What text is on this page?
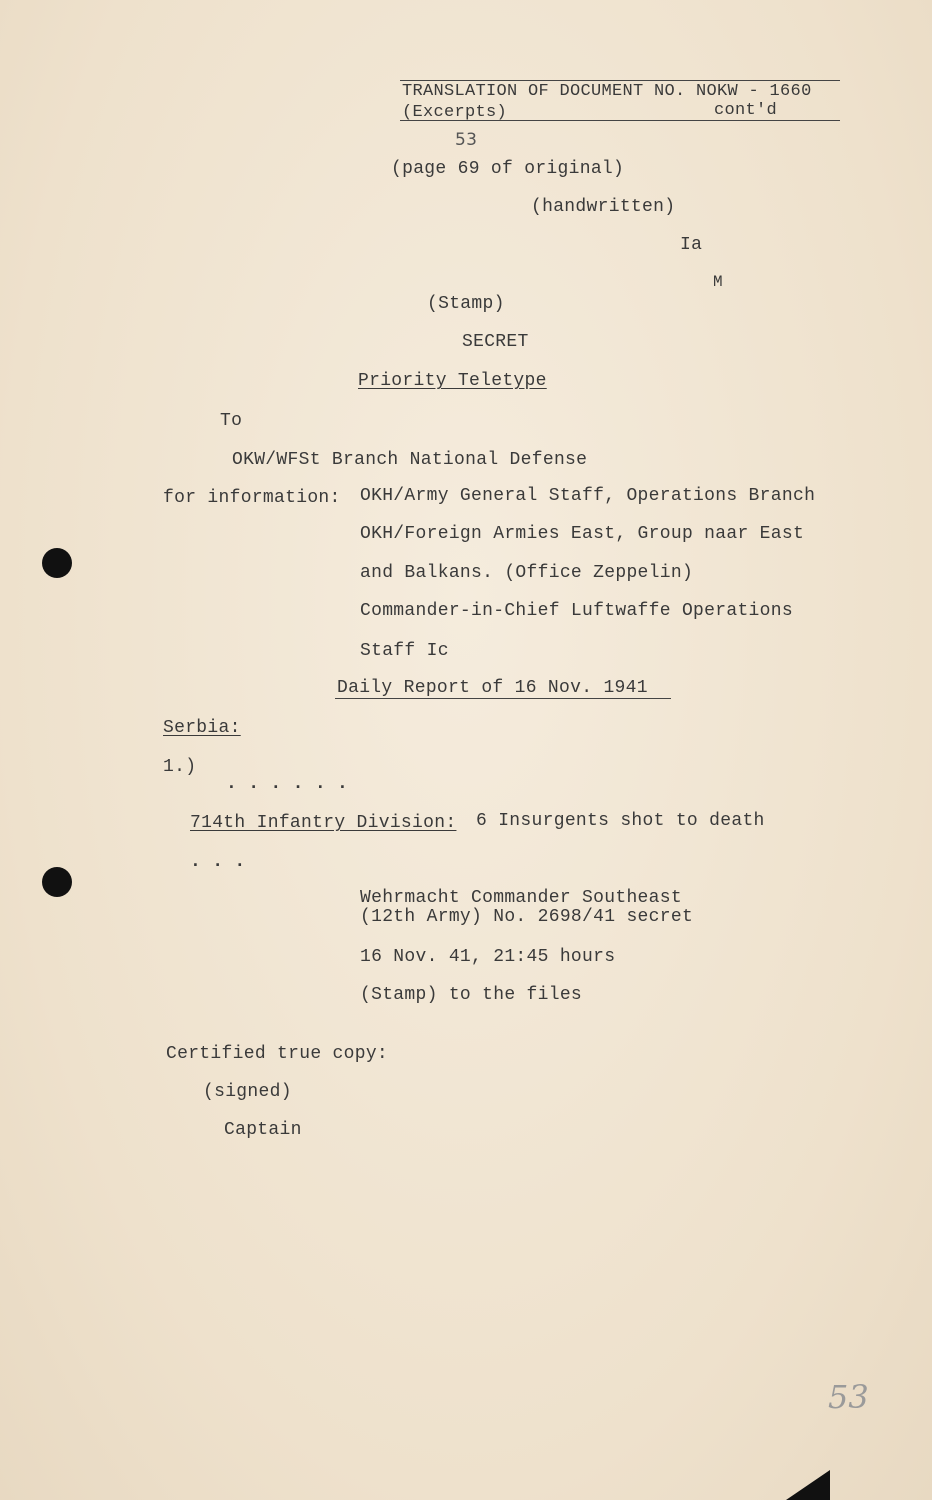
TRANSLATION OF DOCUMENT NO. NOKW - 1660
(Excerpts)	cont'd
53
(page 69 of original)
(handwritten)
Ia
M
(Stamp)
SECRET
Priority Teletype
To
OKW/WFSt Branch National Defense
for information: OKH/Army General Staff, Operations Branch
OKH/Foreign Armies East, Group naar East
and Balkans. (Office Zeppelin)
Commander-in-Chief Luftwaffe Operations
Staff Ic
Daily Report of 16 Nov. 1941
Serbia:
1.)
. . . . . .
714th Infantry Division: 6 Insurgents shot to death
. . .
Wehrmacht Commander Southeast
(12th Army) No. 2698/41 secret
16 Nov. 41, 21:45 hours
(Stamp) to the files
Certified true copy:
(signed)
Captain
53
